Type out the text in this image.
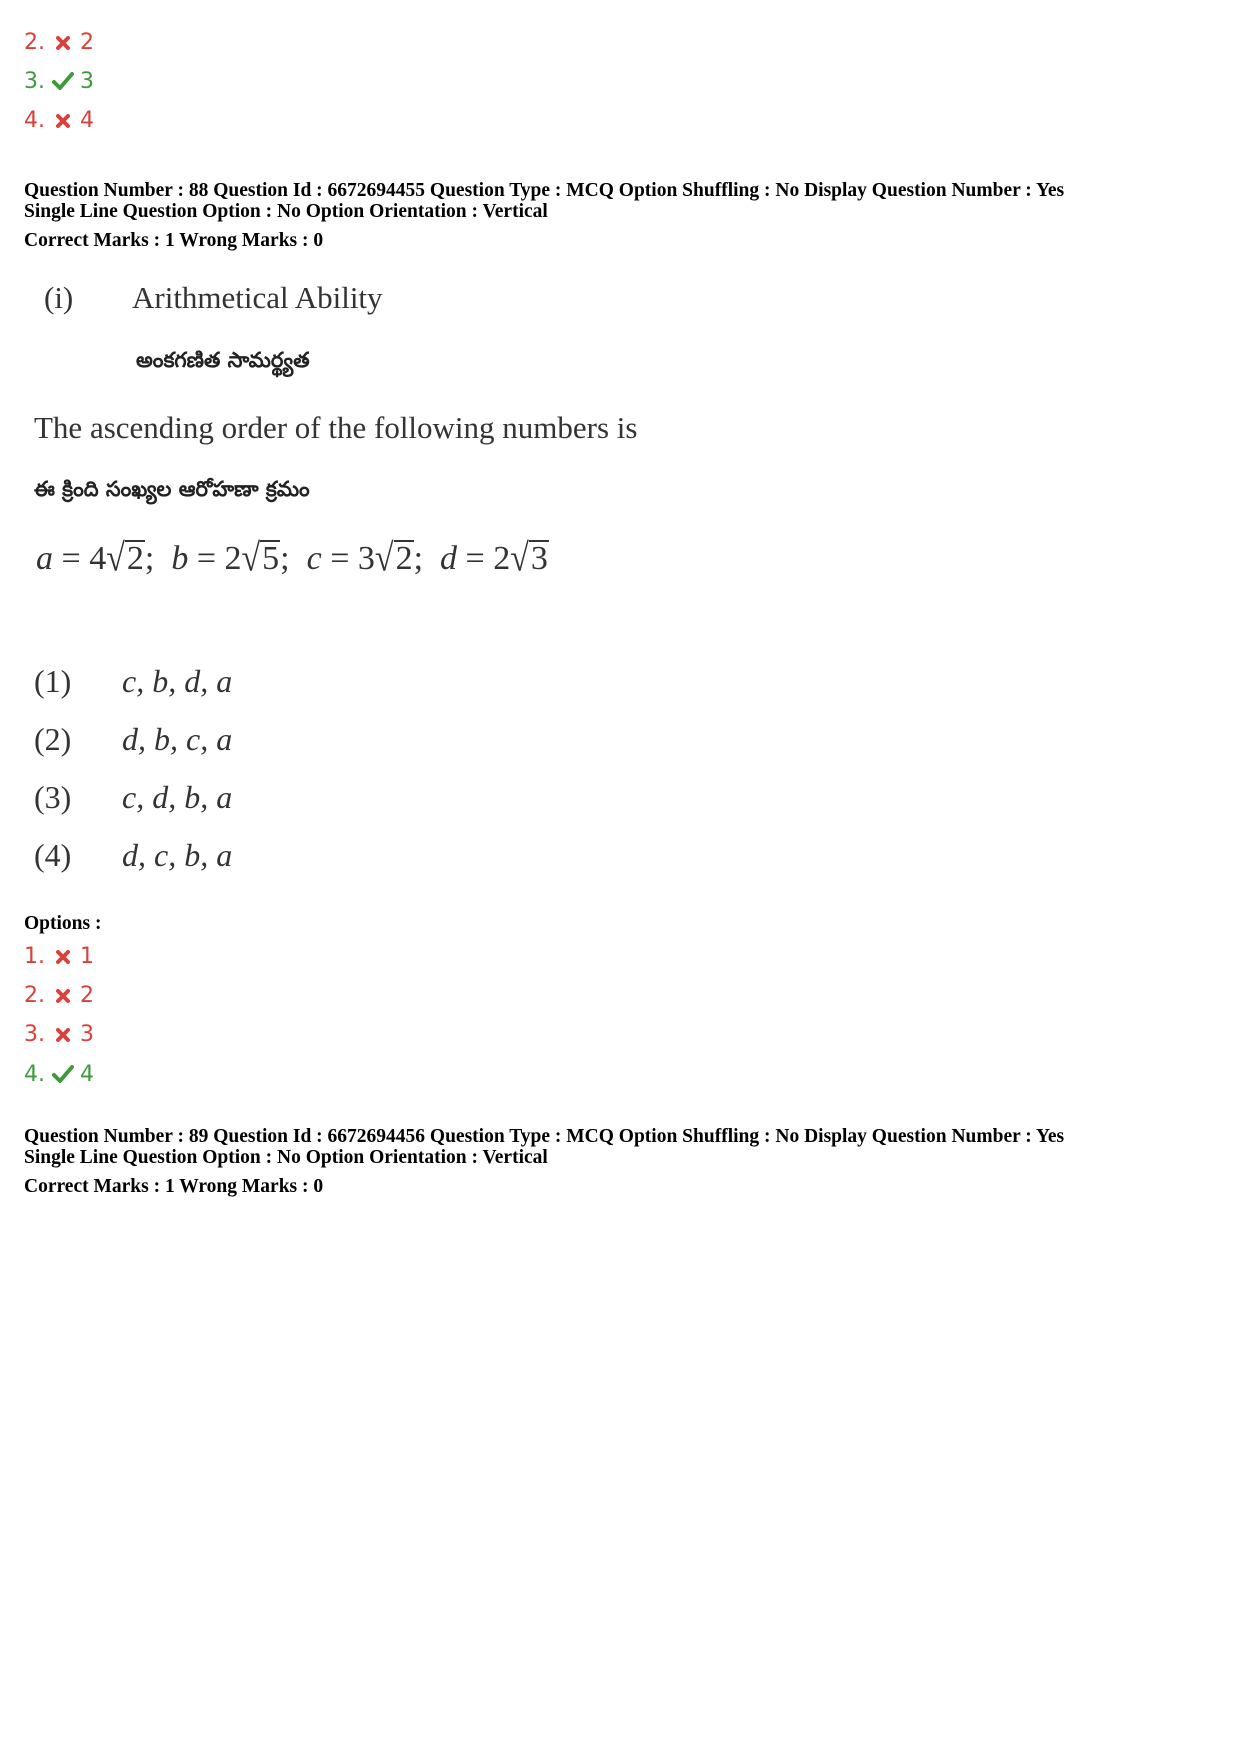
2. 2
3. 3
4. 4
Question Number : 88 Question Id : 6672694455 Question Type : MCQ Option Shuffling : No Display Question Number : Yes
Single Line Question Option : No Option Orientation : Vertical
Correct Marks : 1 Wrong Marks : 0
(i) Arithmetical Ability
అంకగణిత సామర్థ్యత
The ascending order of the following numbers is
ఈ క్రింది సంఖ్యల ఆరోహణా క్రమం
a = 4√2;  b = 2√5;  c = 3√2;  d = 2√3
(1) c, b, d, a
(2) d, b, c, a
(3) c, d, b, a
(4) d, c, b, a
Options :
1. 1
2. 2
3. 3
4. 4
Question Number : 89 Question Id : 6672694456 Question Type : MCQ Option Shuffling : No Display Question Number : Yes
Single Line Question Option : No Option Orientation : Vertical
Correct Marks : 1 Wrong Marks : 0
